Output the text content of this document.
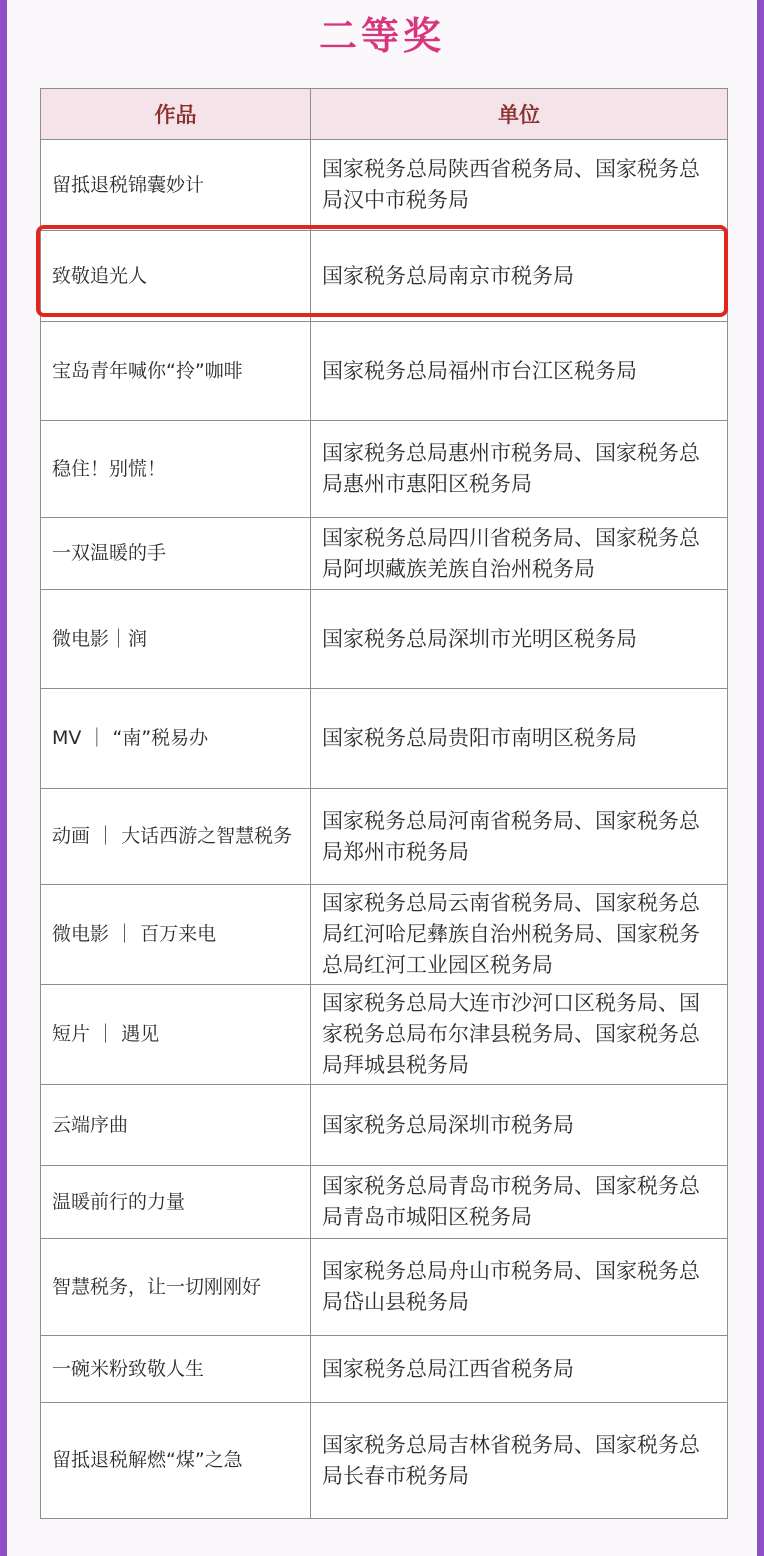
二等奖
作品	单位
留抵退税锦囊妙计	国家税务总局陕西省税务局、国家税务总局汉中市税务局
致敬追光人	国家税务总局南京市税务局
宝岛青年喊你“拎”咖啡	国家税务总局福州市台江区税务局
稳住！别慌！	国家税务总局惠州市税务局、国家税务总局惠州市惠阳区税务局
一双温暖的手	国家税务总局四川省税务局、国家税务总局阿坝藏族羌族自治州税务局
微电影｜润	国家税务总局深圳市光明区税务局
MV ｜ “南”税易办	国家税务总局贵阳市南明区税务局
动画 ｜ 大话西游之智慧税务	国家税务总局河南省税务局、国家税务总局郑州市税务局
微电影 ｜ 百万来电	国家税务总局云南省税务局、国家税务总局红河哈尼彝族自治州税务局、国家税务总局红河工业园区税务局
短片 ｜ 遇见	国家税务总局大连市沙河口区税务局、国家税务总局布尔津县税务局、国家税务总局拜城县税务局
云端序曲	国家税务总局深圳市税务局
温暖前行的力量	国家税务总局青岛市税务局、国家税务总局青岛市城阳区税务局
智慧税务，让一切刚刚好	国家税务总局舟山市税务局、国家税务总局岱山县税务局
一碗米粉致敬人生	国家税务总局江西省税务局
留抵退税解燃“煤”之急	国家税务总局吉林省税务局、国家税务总局长春市税务局
